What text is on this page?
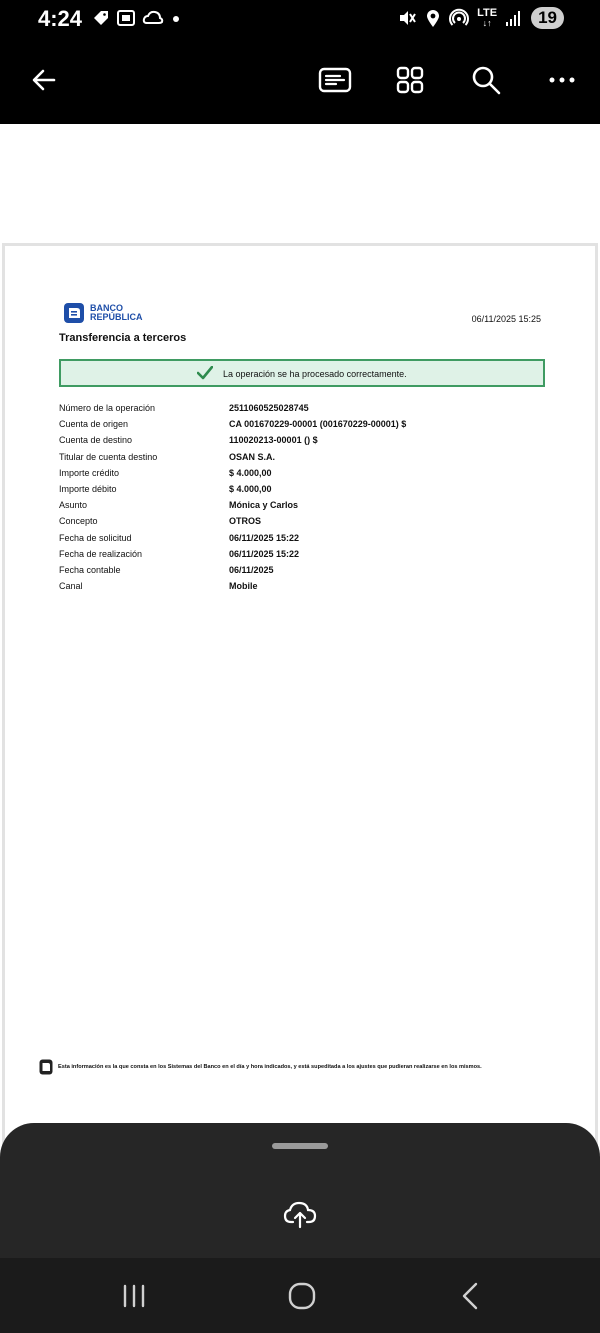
4:24	LTE
↓↑	19
BANCO
REPÚBLICA	06/11/2025 15:25
Transferencia a terceros
La operación se ha procesado correctamente.
Número de la operación	2511060525028745
Cuenta de origen	CA 001670229-00001 (001670229-00001) $
Cuenta de destino	110020213-00001 () $
Titular de cuenta destino	OSAN S.A.
Importe crédito	$ 4.000,00
Importe débito	$ 4.000,00
Asunto	Mónica y Carlos
Concepto	OTROS
Fecha de solicitud	06/11/2025 15:22
Fecha de realización	06/11/2025 15:22
Fecha contable	06/11/2025
Canal	Mobile
Esta información es la que consta en los Sistemas del Banco en el día y hora indicados, y está supeditada a los ajustes que pudieran realizarse en los mismos.
